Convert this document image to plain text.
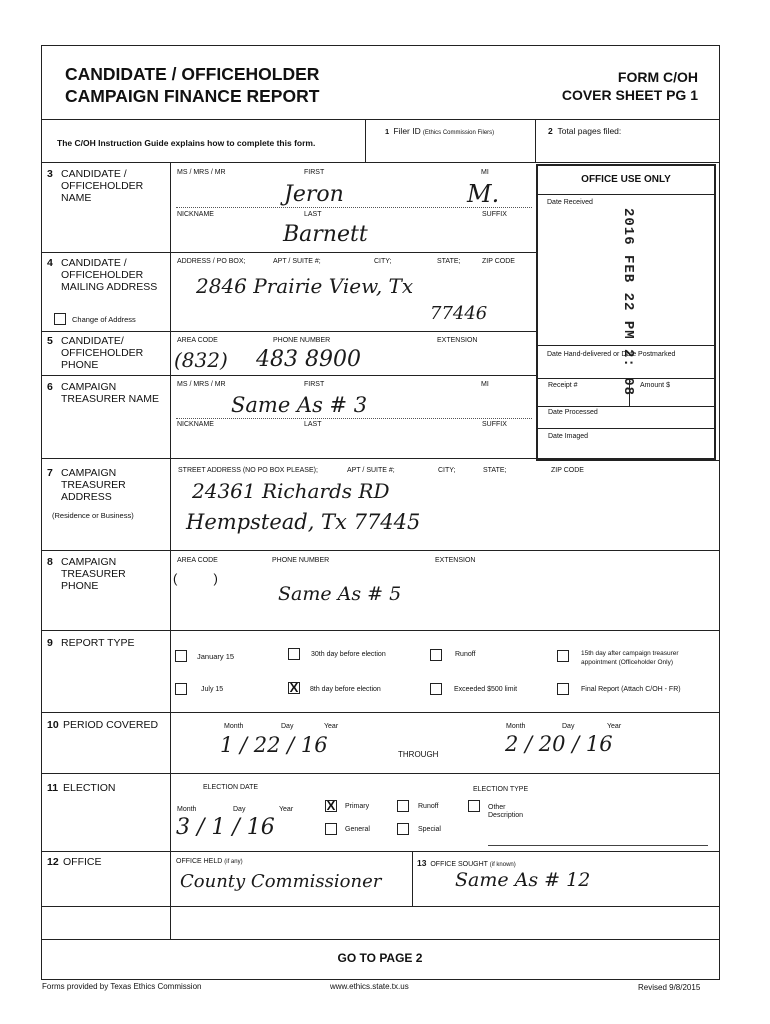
CANDIDATE / OFFICEHOLDER
CAMPAIGN FINANCE REPORT
FORM C/OH
COVER SHEET PG 1
The C/OH Instruction Guide explains how to complete this form.
1 Filer ID (Ethics Commission Filers)	2 Total pages filed:
OFFICE USE ONLY
Date Received
2016 FEB 22 PM 2: 08
Date Hand-delivered or Date Postmarked
Receipt #	Amount $
Date Processed
Date Imaged
3 CANDIDATE / OFFICEHOLDER NAME
MS / MRS / MR	FIRST	MI
Jeron	M.
NICKNAME	LAST	SUFFIX
Barnett
4 CANDIDATE / OFFICEHOLDER MAILING ADDRESS
Change of Address
ADDRESS / PO BOX;	APT / SUITE #;	CITY;	STATE;	ZIP CODE
2846 Prairie View, Tx
77446
5 CANDIDATE/ OFFICEHOLDER PHONE
AREA CODE	PHONE NUMBER	EXTENSION
(832) 483 8900
6 CAMPAIGN TREASURER NAME
MS / MRS / MR	FIRST	MI
Same As # 3
NICKNAME	LAST	SUFFIX
7 CAMPAIGN TREASURER ADDRESS
(Residence or Business)
STREET ADDRESS (NO PO BOX PLEASE);	APT / SUITE #;	CITY;	STATE;	ZIP CODE
24361 Richards RD
Hempstead, Tx 77445
8 CAMPAIGN TREASURER PHONE
AREA CODE	PHONE NUMBER	EXTENSION
(          )
Same As # 5
9 REPORT TYPE
January 15	30th day before election	Runoff	15th day after campaign treasurer appointment (Officeholder Only)
July 15	X 8th day before election	Exceeded $500 limit	Final Report (Attach C/OH - FR)
10 PERIOD COVERED	Month	Day	Year
1 / 22 / 16	THROUGH
Month	Day	Year
2 / 20 / 16
11 ELECTION	ELECTION DATE	ELECTION TYPE
Month	Day	Year
3 / 1 / 16
X Primary	Runoff	Other
Description
General	Special
12 OFFICE	OFFICE HELD (if any)
County Commissioner
13 OFFICE SOUGHT (if known)
Same As # 12
GO TO PAGE 2
Forms provided by Texas Ethics Commission	www.ethics.state.tx.us	Revised 9/8/2015
